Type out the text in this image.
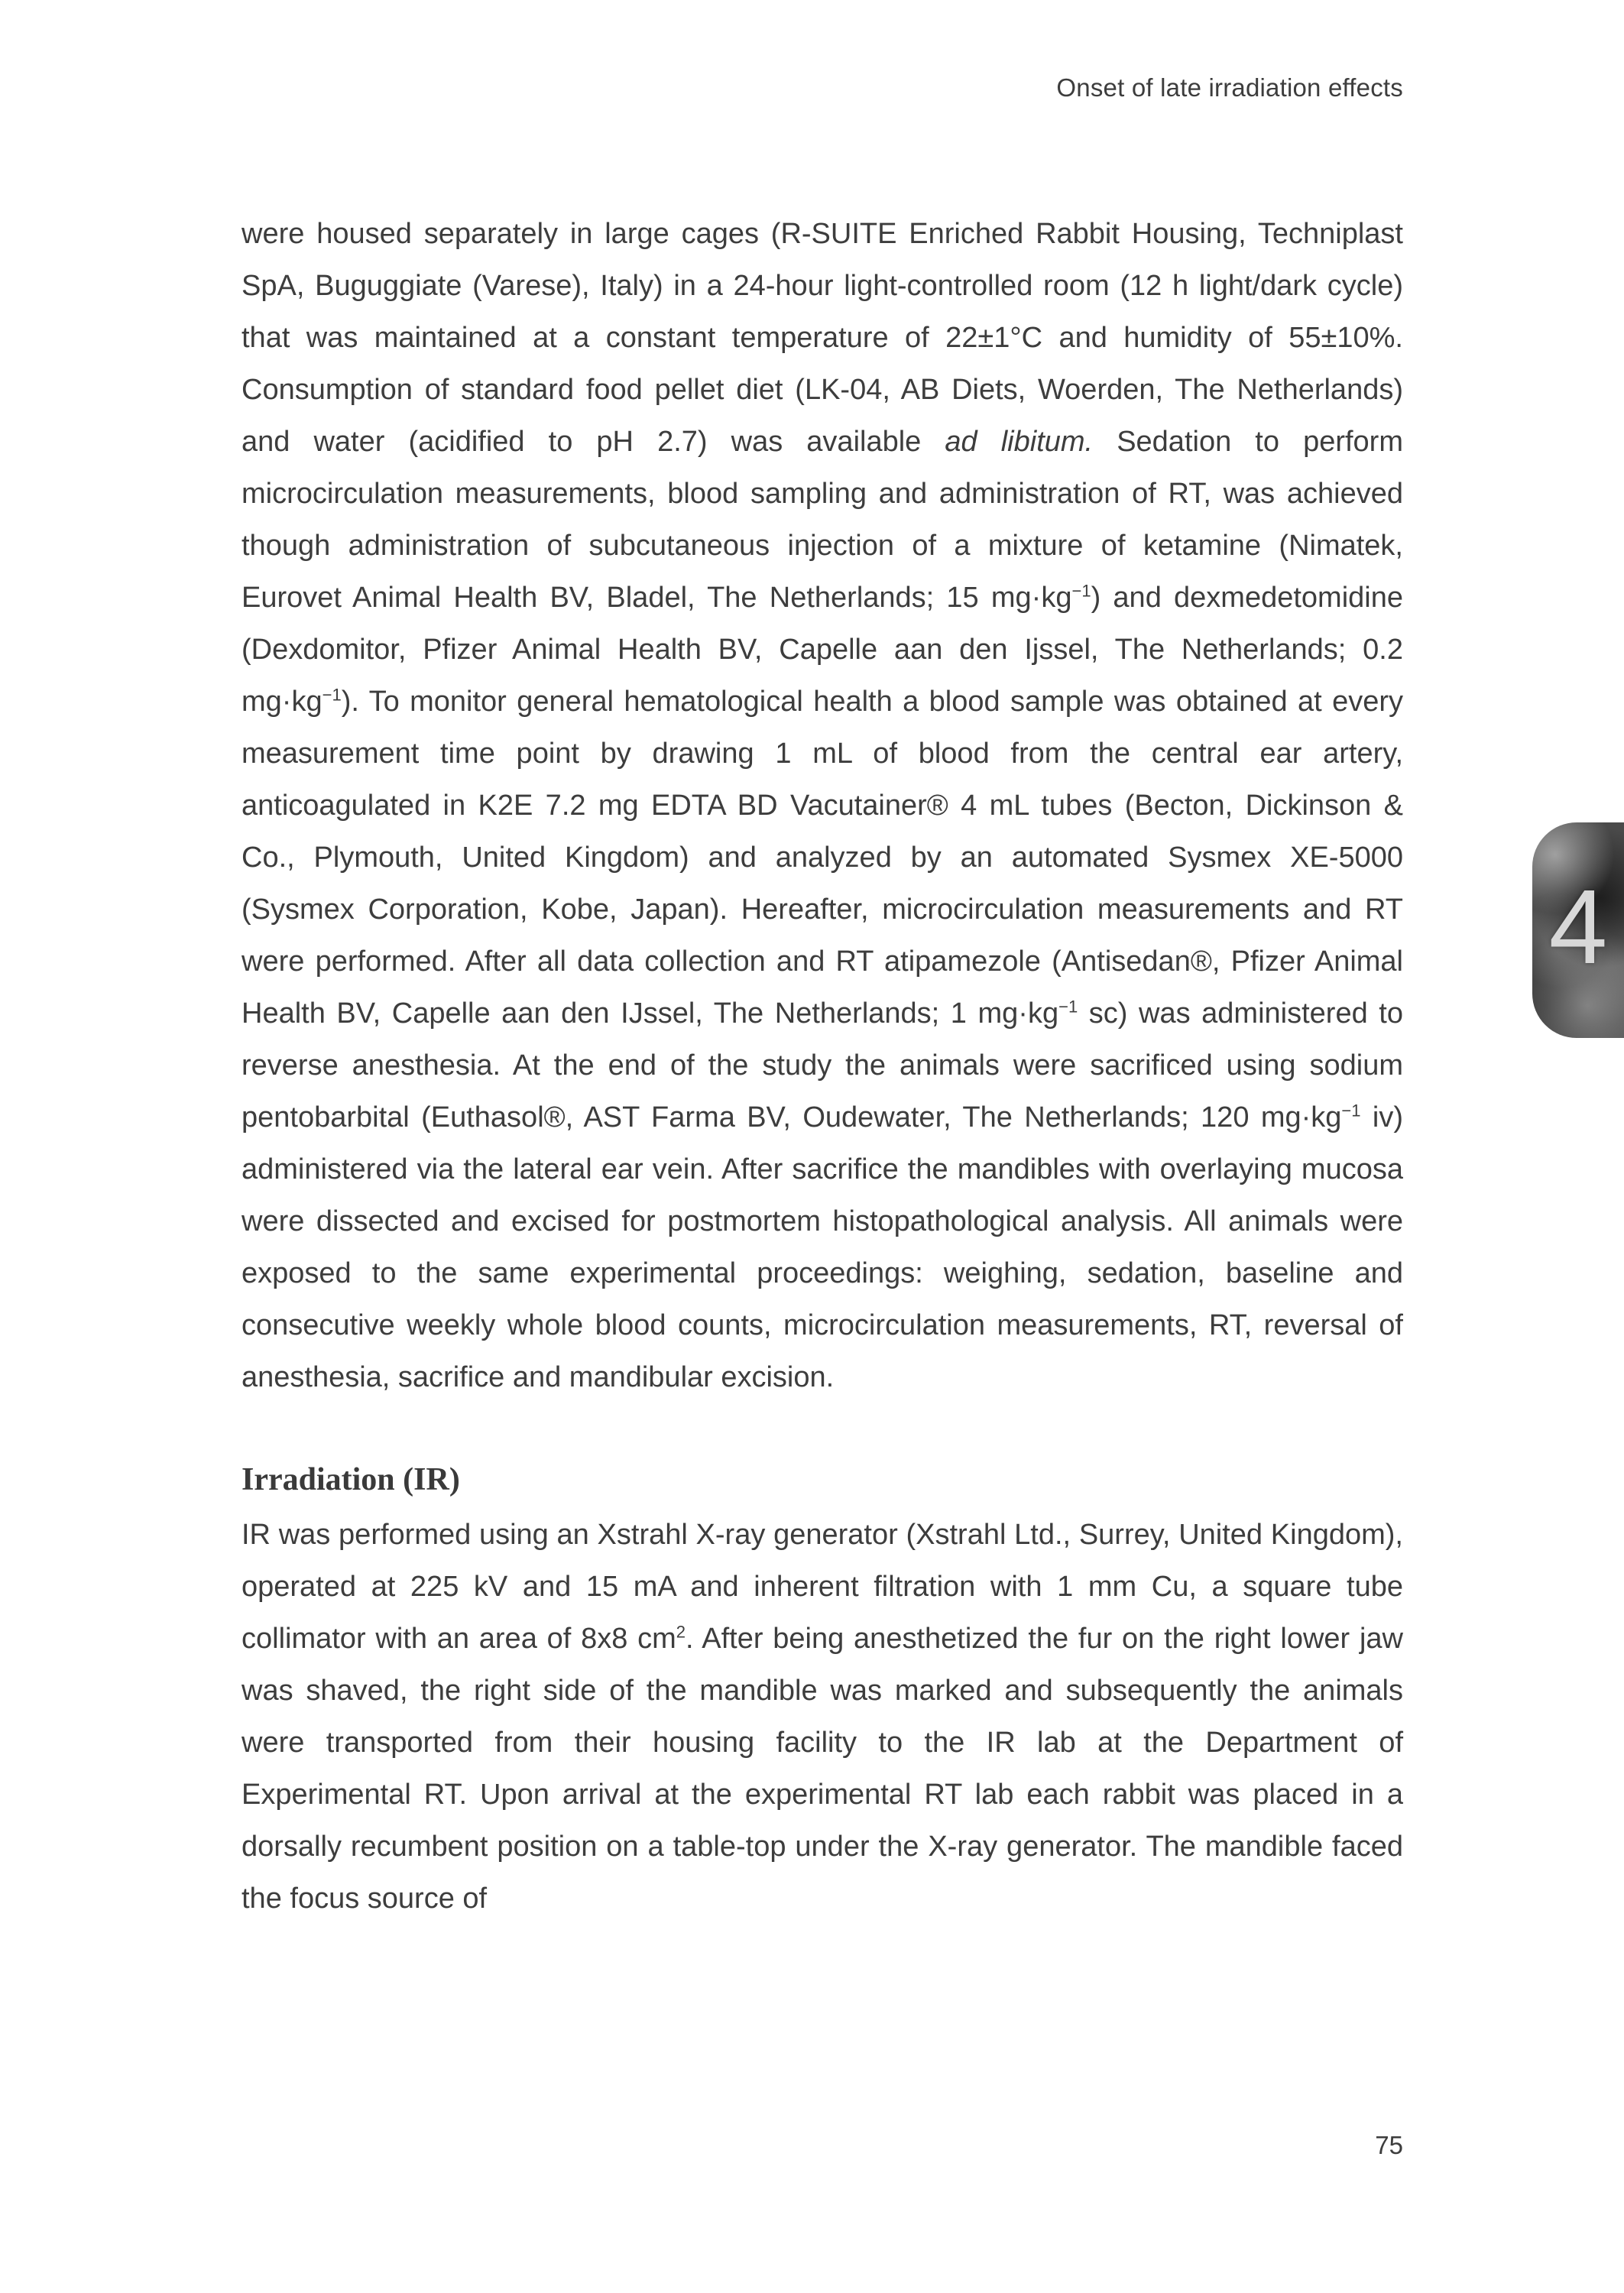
Onset of late irradiation effects

were housed separately in large cages (R-SUITE Enriched Rabbit Housing, Techniplast SpA, Buguggiate (Varese), Italy) in a 24-hour light-controlled room (12 h light/dark cycle) that was maintained at a constant temperature of 22±1°C and humidity of 55±10%. Consumption of standard food pellet diet (LK-04, AB Diets, Woerden, The Netherlands) and water (acidified to pH 2.7) was available ad libitum. Sedation to perform microcirculation measurements, blood sampling and administration of RT, was achieved though administration of subcutaneous injection of a mixture of ketamine (Nimatek, Eurovet Animal Health BV, Bladel, The Netherlands; 15 $mg\cdot kg^{-1}$) and dexmedetomidine (Dexdomitor, Pfizer Animal Health BV, Capelle aan den Ijssel, The Netherlands; 0.2 $mg\cdot kg^{-1}$). To monitor general hematological health a blood sample was obtained at every measurement time point by drawing 1 mL of blood from the central ear artery, anticoagulated in K2E 7.2 mg EDTA BD Vacutainer® 4 mL tubes (Becton, Dickinson & Co., Plymouth, United Kingdom) and analyzed by an automated Sysmex XE-5000 (Sysmex Corporation, Kobe, Japan). Hereafter, microcirculation measurements and RT were performed. After all data collection and RT atipamezole (Antisedan®, Pfizer Animal Health BV, Capelle aan den IJssel, The Netherlands; 1 $mg\cdot kg^{-1}$ sc) was administered to reverse anesthesia. At the end of the study the animals were sacrificed using sodium pentobarbital (Euthasol®, AST Farma BV, Oudewater, The Netherlands; 120 $mg\cdot kg^{-1}$ iv) administered via the lateral ear vein. After sacrifice the mandibles with overlaying mucosa were dissected and excised for postmortem histopathological analysis. All animals were exposed to the same experimental proceedings: weighing, sedation, baseline and consecutive weekly whole blood counts, microcirculation measurements, RT, reversal of anesthesia, sacrifice and mandibular excision.

Irradiation (IR)

IR was performed using an Xstrahl X-ray generator (Xstrahl Ltd., Surrey, United Kingdom), operated at 225 kV and 15 mA and inherent filtration with 1 mm Cu, a square tube collimator with an area of 8x8 $cm^2$. After being anesthetized the fur on the right lower jaw was shaved, the right side of the mandible was marked and subsequently the animals were transported from their housing facility to the IR lab at the Department of Experimental RT. Upon arrival at the experimental RT lab each rabbit was placed in a dorsally recumbent position on a table-top under the X-ray generator. The mandible faced the focus source of

4
75
